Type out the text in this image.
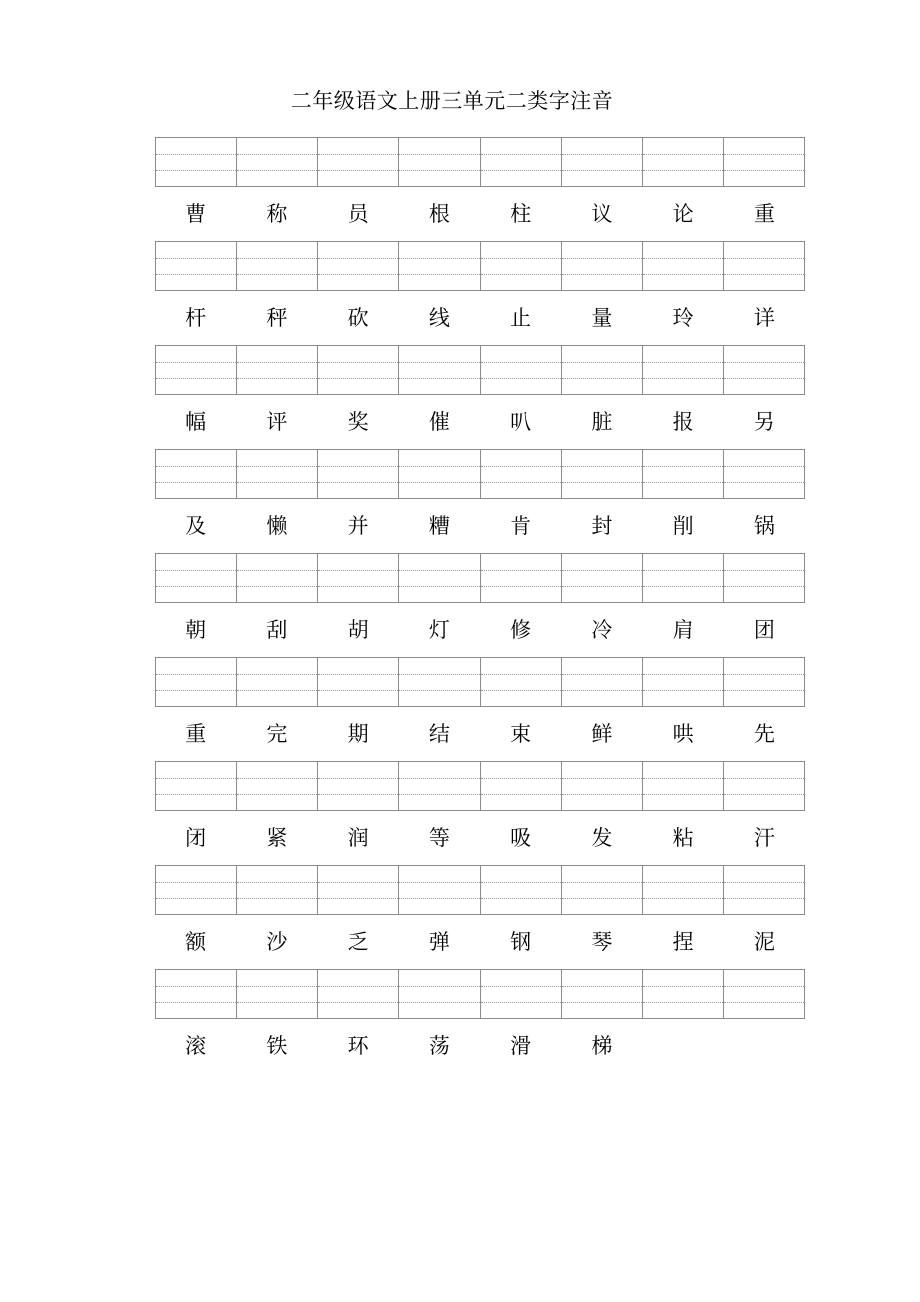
二年级语文上册三单元二类字注音
曹	称	员	根	柱	议	论	重
杆	秤	砍	线	止	量	玲	详
幅	评	奖	催	叭	脏	报	另
及	懒	并	糟	肯	封	削	锅
朝	刮	胡	灯	修	冷	肩	团
重	完	期	结	束	鲜	哄	先
闭	紧	润	等	吸	发	粘	汗
额	沙	乏	弹	钢	琴	捏	泥
滚	铁	环	荡	滑	梯
